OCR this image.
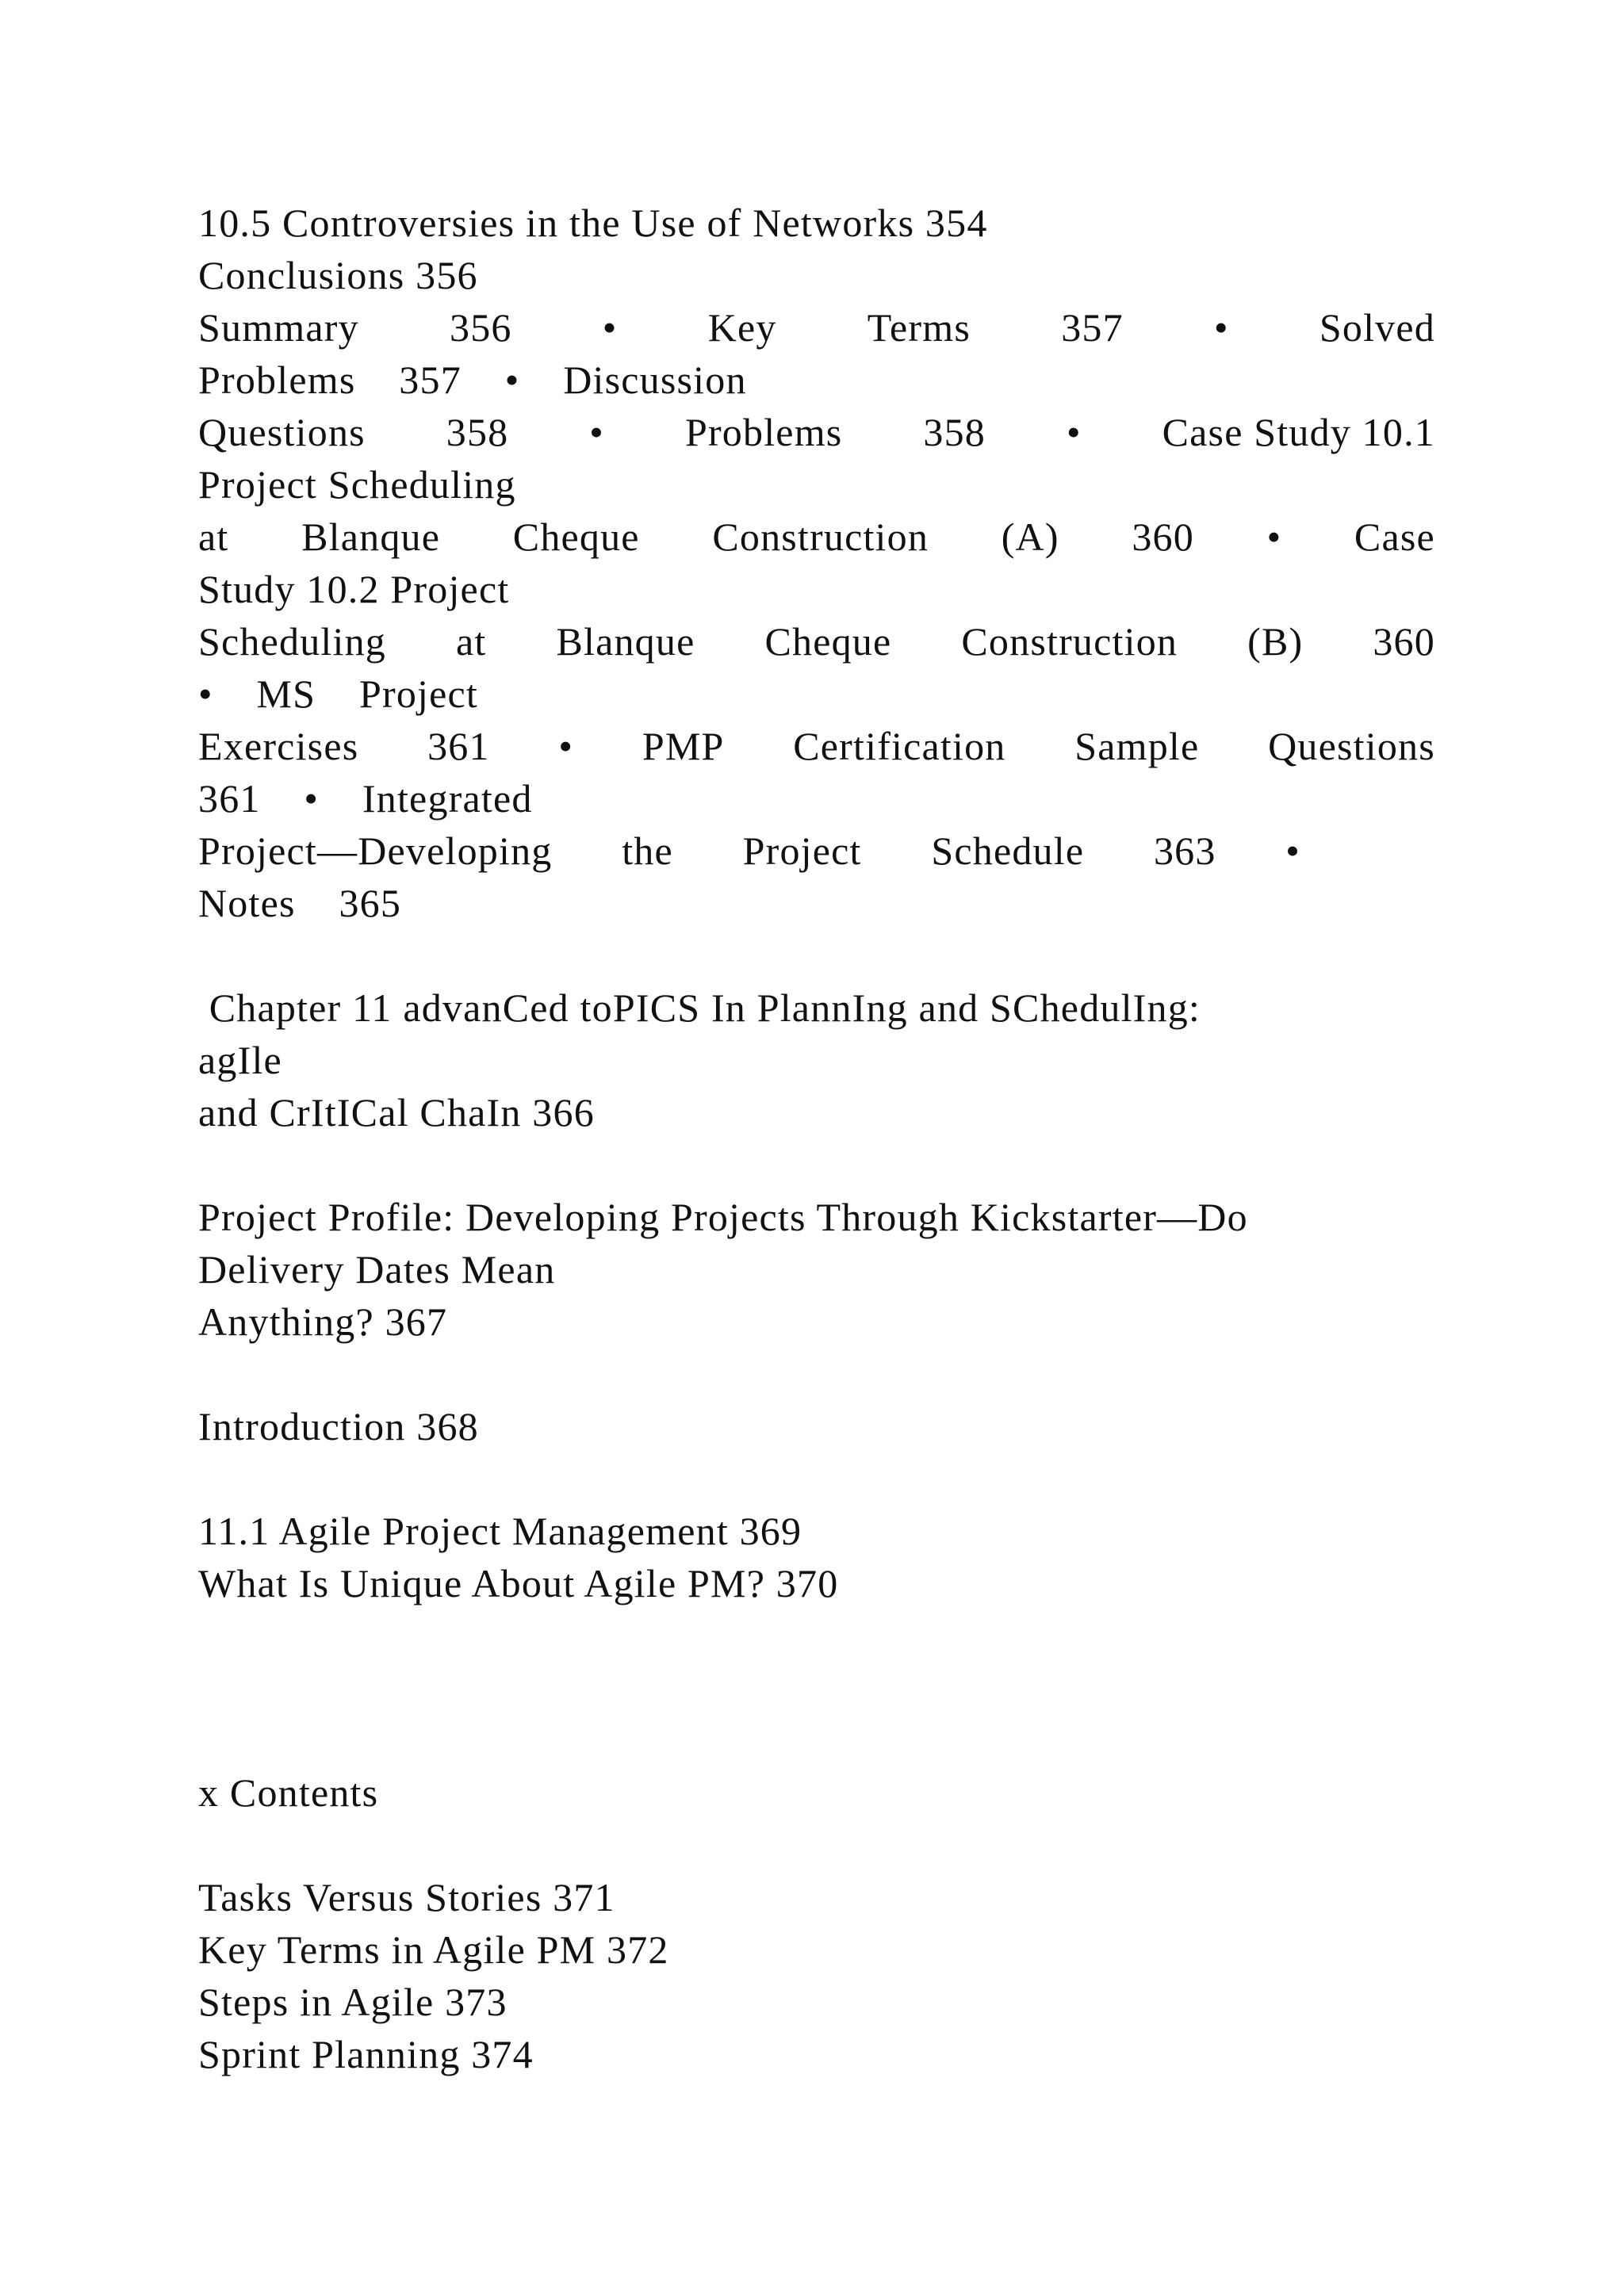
10.5 Controversies in the Use of Networks 354
Conclusions 356
Summary 356 • Key Terms 357 • Solved
Problems    357    •    Discussion
Questions 358 • Problems 358 • Case Study 10.1
Project Scheduling
at Blanque Cheque Construction (A) 360 • Case
Study 10.2 Project
Scheduling at Blanque Cheque Construction (B) 360
•    MS    Project
Exercises 361 • PMP Certification Sample Questions
361    •    Integrated
Project—Developing the Project Schedule 363 •
Notes    365
Chapter 11 advanCed toPICS In PlannIng and SChedulIng:
agIle
and CrItICal ChaIn 366
Project Profile: Developing Projects Through Kickstarter—Do
Delivery Dates Mean
Anything? 367
Introduction 368
11.1 Agile Project Management 369
What Is Unique About Agile PM? 370
x Contents
Tasks Versus Stories 371
Key Terms in Agile PM 372
Steps in Agile 373
Sprint Planning 374
